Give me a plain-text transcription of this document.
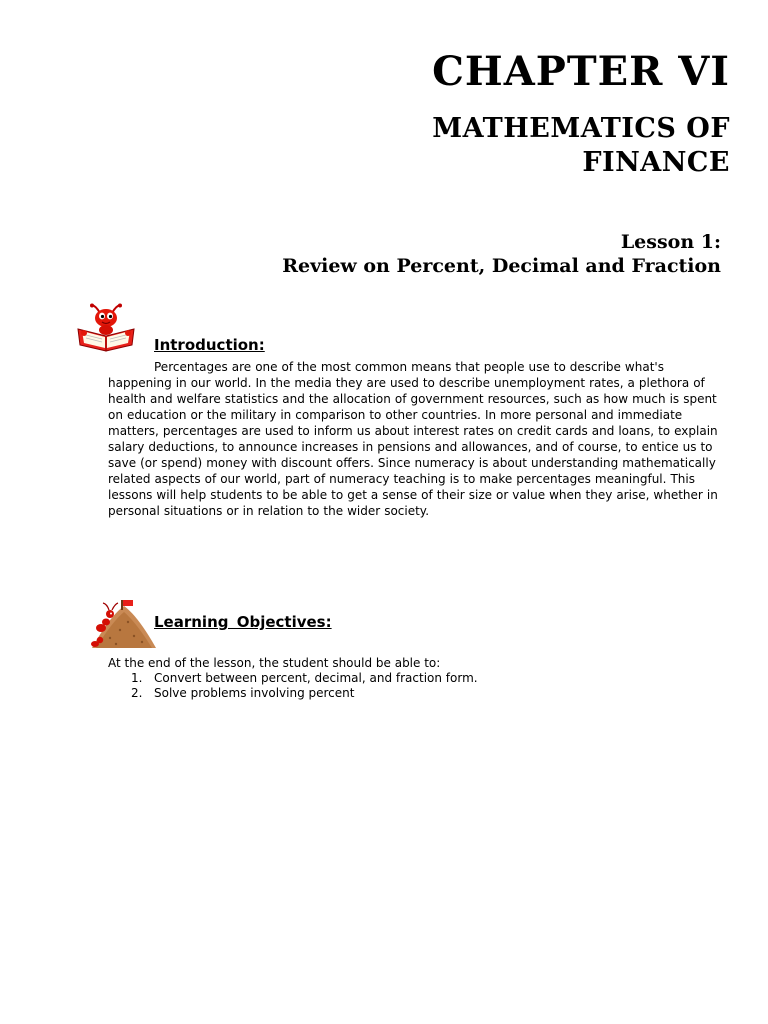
CHAPTER VI
MATHEMATICS OF
FINANCE
Lesson 1:
Review on Percent, Decimal and Fraction
Introduction:

Percentages are one of the most common means that people use to describe what's happening in our world. In the media they are used to describe unemployment rates, a plethora of health and welfare statistics and the allocation of government resources, such as how much is spent on education or the military in comparison to other countries. In more personal and immediate matters, percentages are used to inform us about interest rates on credit cards and loans, to explain salary deductions, to announce increases in pensions and allowances, and of course, to entice us to save (or spend) money with discount offers. Since numeracy is about understanding mathematically related aspects of our world, part of numeracy teaching is to make percentages meaningful. This lessons will help students to be able to get a sense of their size or value when they arise, whether in personal situations or in relation to the wider society.

Learning Objectives:

At the end of the lesson, the student should be able to:

1. Convert between percent, decimal, and fraction form.
2. Solve problems involving percent
